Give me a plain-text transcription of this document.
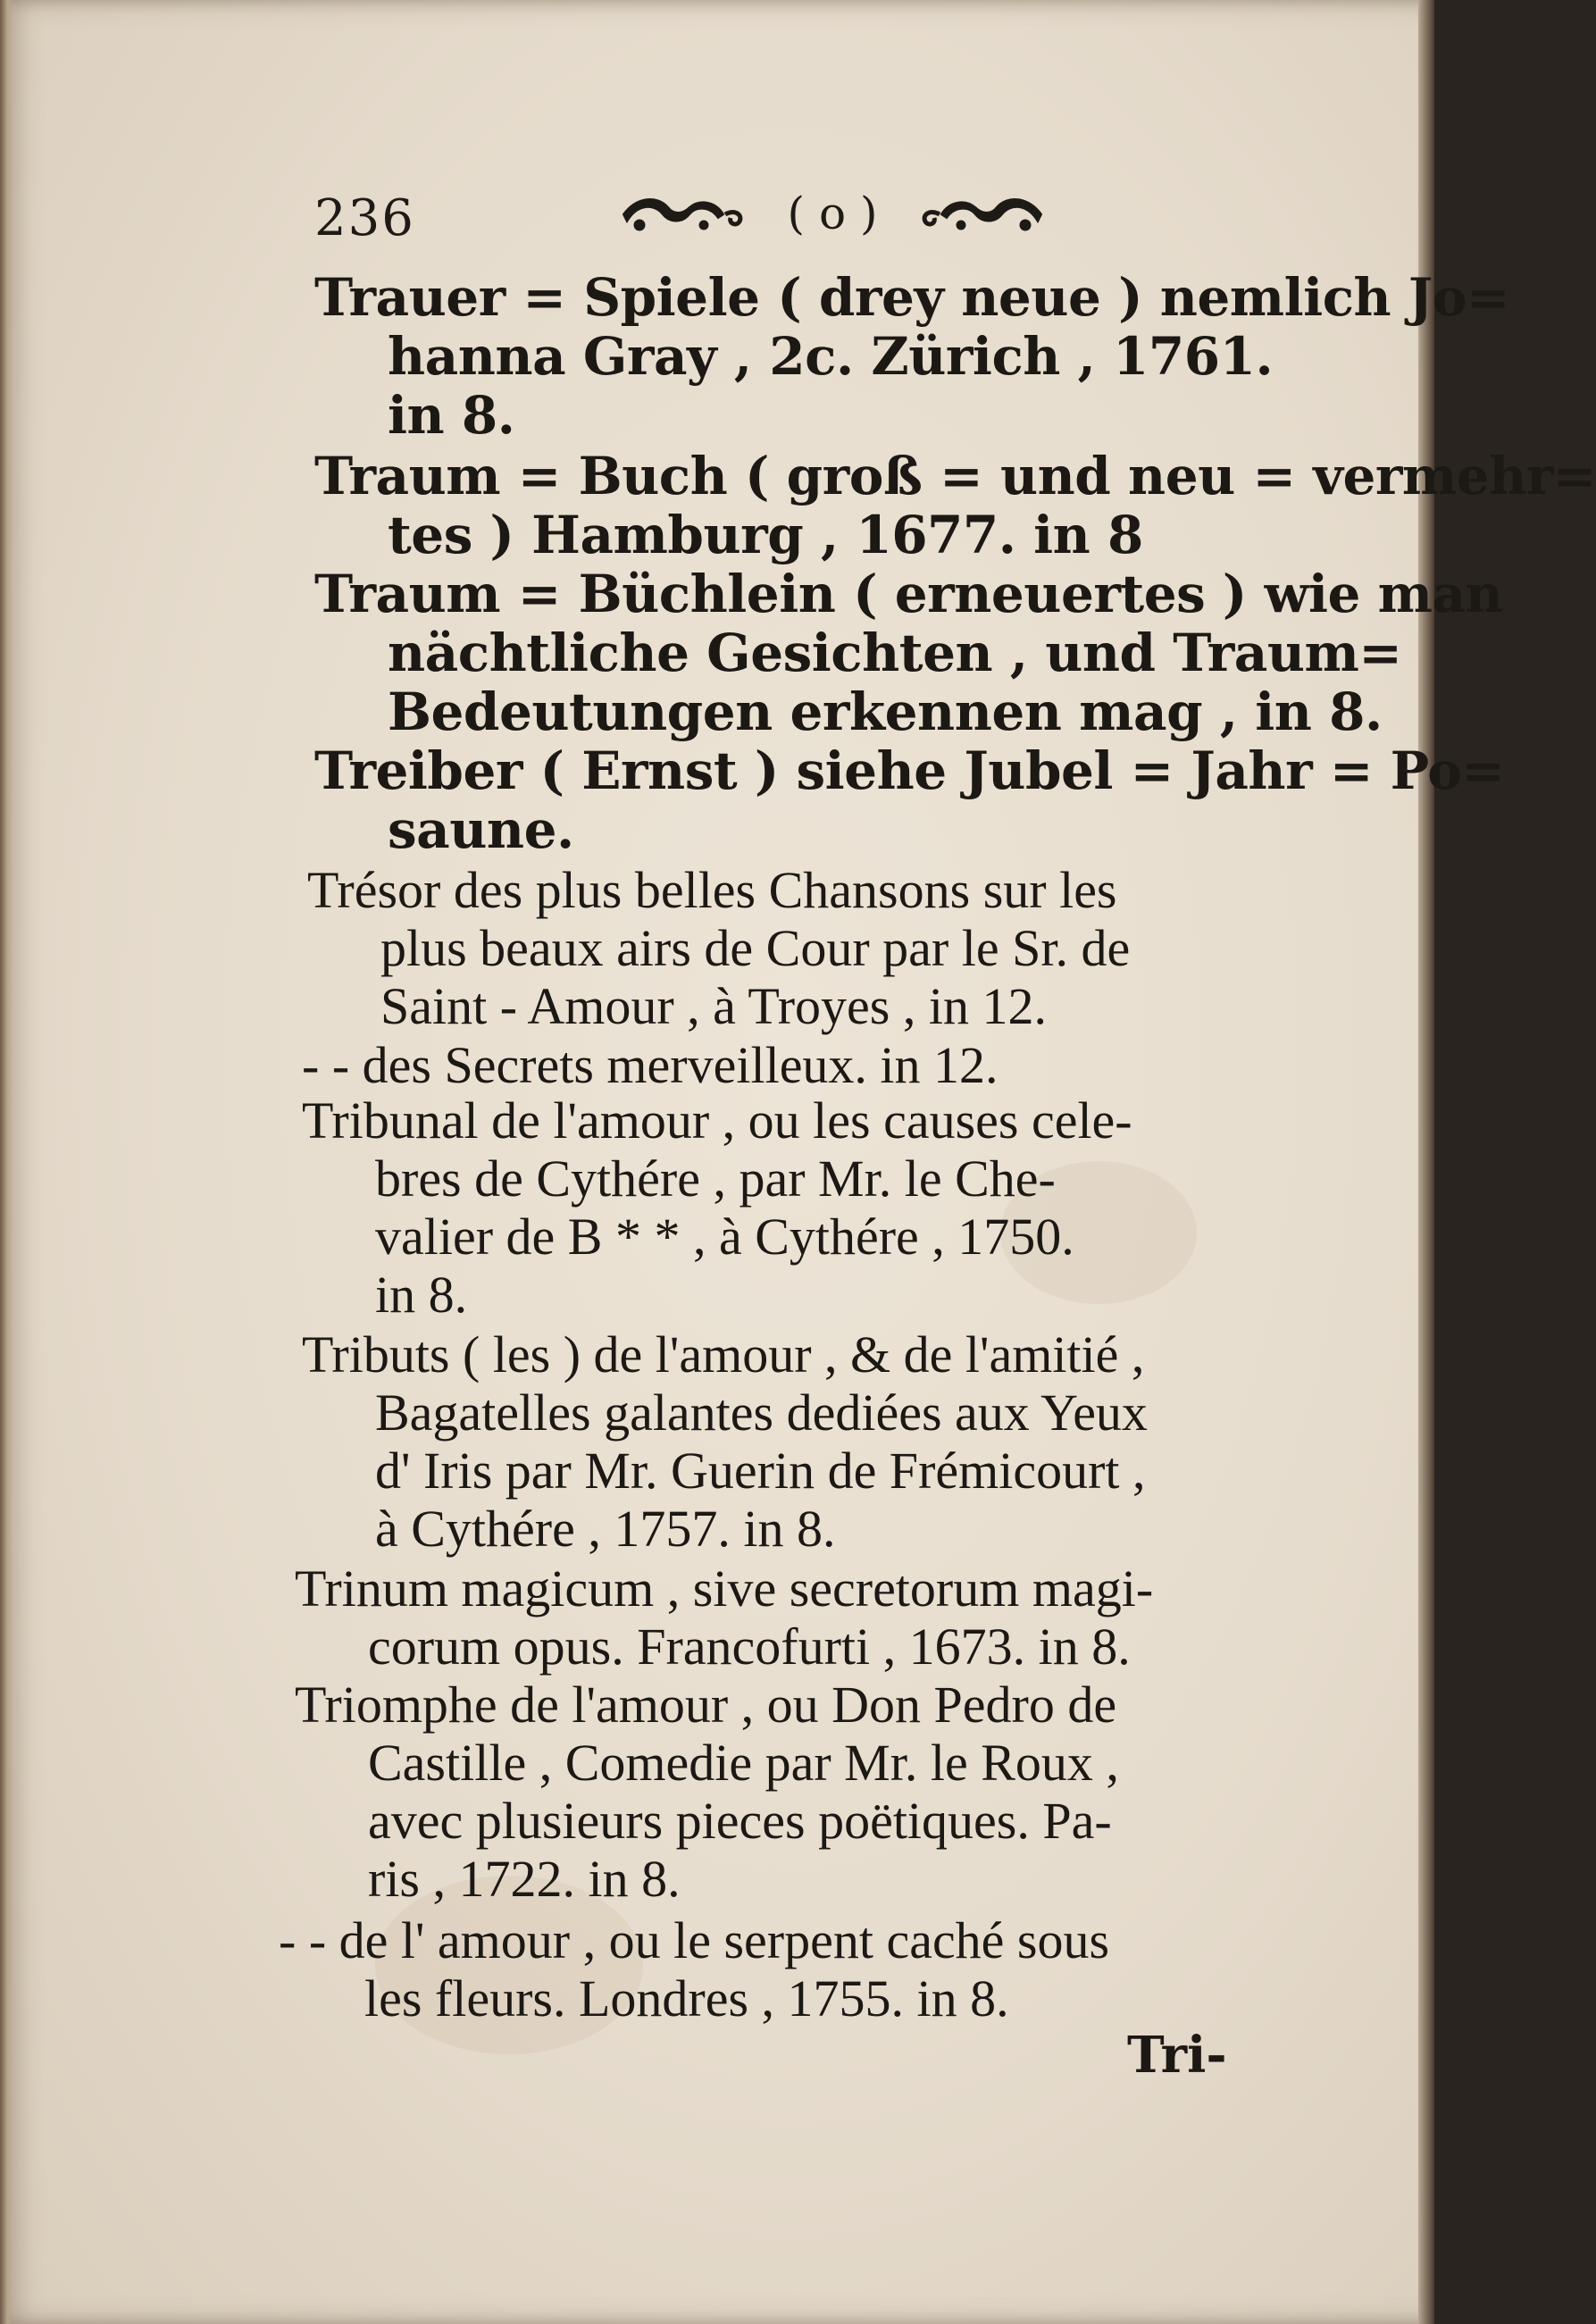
236	( o )
Trauer = Spiele ( drey neue ) nemlich Jo=
hanna Gray , 2c. Zürich , 1761.
in 8.
Traum = Buch ( groß = und neu = vermehr=
tes ) Hamburg , 1677. in 8
Traum = Büchlein ( erneuertes ) wie man
nächtliche Gesichten , und Traum=
Bedeutungen erkennen mag , in 8.
Treiber ( Ernst ) siehe Jubel = Jahr = Po=
saune.
Trésor des plus belles Chansons sur les
plus beaux airs de Cour par le Sr. de
Saint - Amour , à Troyes , in 12.
- - des Secrets merveilleux. in 12.
Tribunal de l'amour , ou les causes cele-
bres de Cythére , par Mr. le Che-
valier de B * * , à Cythére , 1750.
in 8.
Tributs ( les ) de l'amour , & de l'amitié ,
Bagatelles galantes dediées aux Yeux
d' Iris par Mr. Guerin de Frémicourt ,
à Cythére , 1757. in 8.
Trinum magicum , sive secretorum magi-
corum opus. Francofurti , 1673. in 8.
Triomphe de l'amour , ou Don Pedro de
Castille , Comedie par Mr. le Roux ,
avec plusieurs pieces poëtiques. Pa-
ris , 1722. in 8.
- - de l' amour , ou le serpent caché sous
les fleurs. Londres , 1755. in 8.
Tri-
